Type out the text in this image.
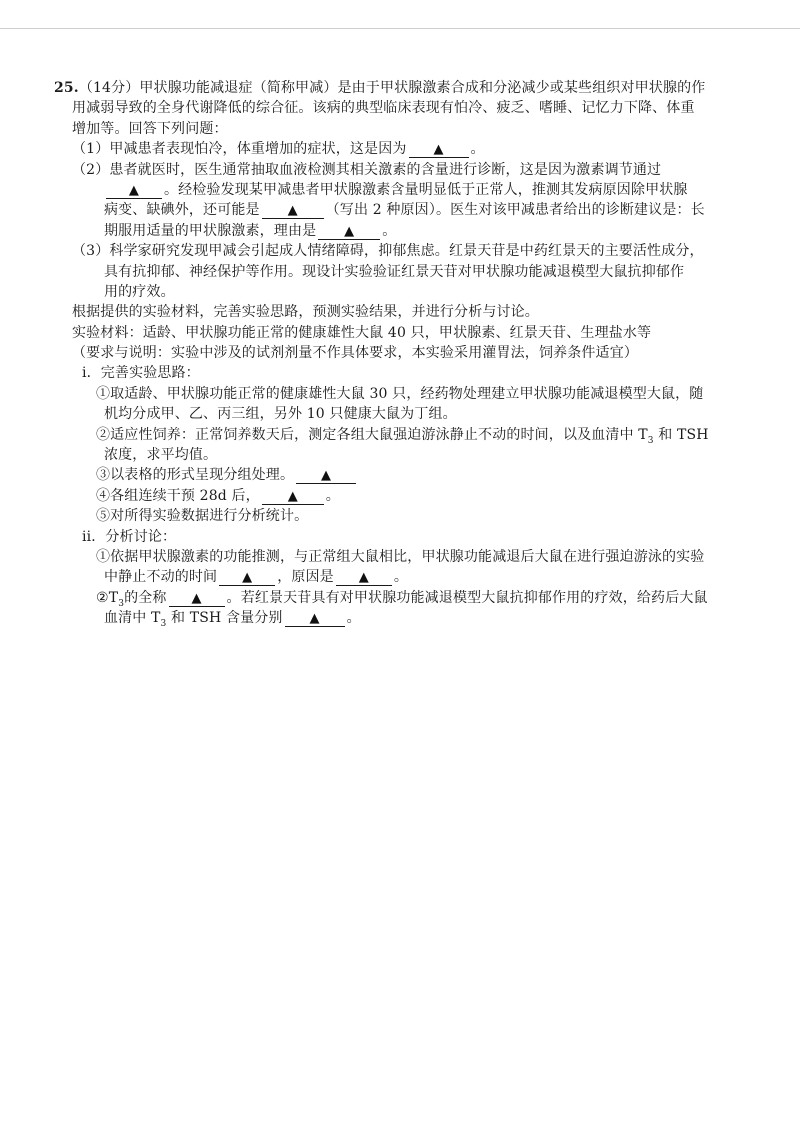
25.（14分）甲状腺功能减退症（简称甲减）是由于甲状腺激素合成和分泌减少或某些组织对甲状腺的作
用减弱导致的全身代谢降低的综合征。该病的典型临床表现有怕冷、疲乏、嗜睡、记忆力下降、体重
增加等。回答下列问题：
（1）甲减患者表现怕冷，体重增加的症状，这是因为 ▲ 。
（2）患者就医时，医生通常抽取血液检测其相关激素的含量进行诊断，这是因为激素调节通过
▲ 。经检验发现某甲减患者甲状腺激素含量明显低于正常人，推测其发病原因除甲状腺
病变、缺碘外，还可能是 ▲ （写出 2 种原因）。医生对该甲减患者给出的诊断建议是：长
期服用适量的甲状腺激素，理由是 ▲ 。
（3）科学家研究发现甲减会引起成人情绪障碍，抑郁焦虑。红景天苷是中药红景天的主要活性成分，
具有抗抑郁、神经保护等作用。现设计实验验证红景天苷对甲状腺功能减退模型大鼠抗抑郁作
用的疗效。
根据提供的实验材料，完善实验思路，预测实验结果，并进行分析与讨论。
实验材料：适龄、甲状腺功能正常的健康雄性大鼠 40 只，甲状腺素、红景天苷、生理盐水等
（要求与说明：实验中涉及的试剂剂量不作具体要求，本实验采用灌胃法，饲养条件适宜）
i．完善实验思路：
①取适龄、甲状腺功能正常的健康雄性大鼠 30 只，经药物处理建立甲状腺功能减退模型大鼠，随
机均分成甲、乙、丙三组，另外 10 只健康大鼠为丁组。
②适应性饲养：正常饲养数天后，测定各组大鼠强迫游泳静止不动的时间，以及血清中 $T_3$ 和 TSH
浓度，求平均值。
③以表格的形式呈现分组处理。 ▲
④各组连续干预 28d 后， ▲ 。
⑤对所得实验数据进行分析统计。
ii．分析讨论：
①依据甲状腺激素的功能推测，与正常组大鼠相比，甲状腺功能减退后大鼠在进行强迫游泳的实验
中静止不动的时间 ▲ ，原因是 ▲ 。
$②T_3$的全称 ▲ 。若红景天苷具有对甲状腺功能减退模型大鼠抗抑郁作用的疗效，给药后大鼠
血清中 $T_3$ 和 TSH 含量分别 ▲ 。
